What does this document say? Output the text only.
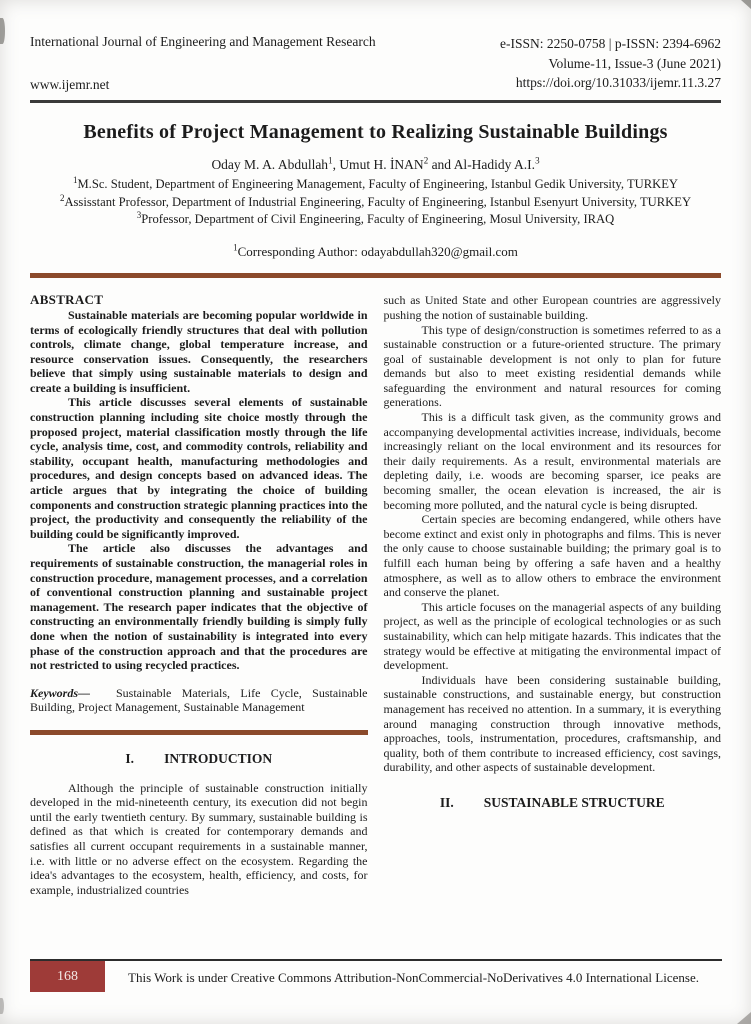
International Journal of Engineering and Management Research
www.ijemr.net
e-ISSN: 2250-0758 | p-ISSN: 2394-6962
Volume-11, Issue-3 (June 2021)
https://doi.org/10.31033/ijemr.11.3.27
Benefits of Project Management to Realizing Sustainable Buildings
Oday M. A. Abdullah$^1$, Umut H. İNAN$^2$ and Al-Hadidy A.I.$^3$
$^1$M.Sc. Student, Department of Engineering Management, Faculty of Engineering, Istanbul Gedik University, TURKEY
$^2$Assisstant Professor, Department of Industrial Engineering, Faculty of Engineering, Istanbul Esenyurt University, TURKEY
$^3$Professor, Department of Civil Engineering, Faculty of Engineering, Mosul University, IRAQ
$^1$Corresponding Author: odayabdullah320@gmail.com
ABSTRACT

Sustainable materials are becoming popular worldwide in terms of ecologically friendly structures that deal with pollution controls, climate change, global temperature increase, and resource conservation issues. Consequently, the researchers believe that simply using sustainable materials to design and create a building is insufficient.

This article discusses several elements of sustainable construction planning including site choice mostly through the proposed project, material classification mostly through the life cycle, analysis time, cost, and commodity controls, reliability and stability, occupant health, manufacturing methodologies and procedures, and design concepts based on advanced ideas. The article argues that by integrating the choice of building components and construction strategic planning practices into the project, the productivity and consequently the reliability of the building could be significantly improved.

The article also discusses the advantages and requirements of sustainable construction, the managerial roles in construction procedure, management processes, and a correlation of conventional construction planning and sustainable project management. The research paper indicates that the objective of constructing an environmentally friendly building is simply fully done when the notion of sustainability is integrated into every phase of the construction approach and that the procedures are not restricted to using recycled practices.

Keywords— Sustainable Materials, Life Cycle, Sustainable Building, Project Management, Sustainable Management

I. INTRODUCTION

Although the principle of sustainable construction initially developed in the mid-nineteenth century, its execution did not begin until the early twentieth century. By summary, sustainable building is defined as that which is created for contemporary demands and satisfies all current occupant requirements in a sustainable manner, i.e. with little or no adverse effect on the ecosystem. Regarding the idea's advantages to the ecosystem, health, efficiency, and costs, for example, industrialized countries

such as United State and other European countries are aggressively pushing the notion of sustainable building.

This type of design/construction is sometimes referred to as a sustainable construction or a future-oriented structure. The primary goal of sustainable development is not only to plan for future demands but also to meet existing residential demands while safeguarding the environment and natural resources for coming generations.

This is a difficult task given, as the community grows and accompanying developmental activities increase, individuals, become increasingly reliant on the local environment and its resources for their daily requirements. As a result, environmental materials are depleting daily, i.e. woods are becoming sparser, ice peaks are becoming smaller, the ocean elevation is increased, the air is becoming more polluted, and the natural cycle is being disrupted.

Certain species are becoming endangered, while others have become extinct and exist only in photographs and films. This is never the only cause to choose sustainable building; the primary goal is to fulfill each human being by offering a safe haven and a healthy atmosphere, as well as to allow others to embrace the environment and conserve the planet.

This article focuses on the managerial aspects of any building project, as well as the principle of ecological technologies or as such sustainability, which can help mitigate hazards. This indicates that the strategy would be effective at mitigating the environmental impact of development.

Individuals have been considering sustainable building, sustainable constructions, and sustainable energy, but construction management has received no attention. In a summary, it is everything around managing construction through innovative methods, approaches, tools, instrumentation, procedures, craftsmanship, and quality, both of them contribute to increased efficiency, cost savings, durability, and other aspects of sustainable development.

II. SUSTAINABLE STRUCTURE
168	This Work is under Creative Commons Attribution-NonCommercial-NoDerivatives 4.0 International License.
